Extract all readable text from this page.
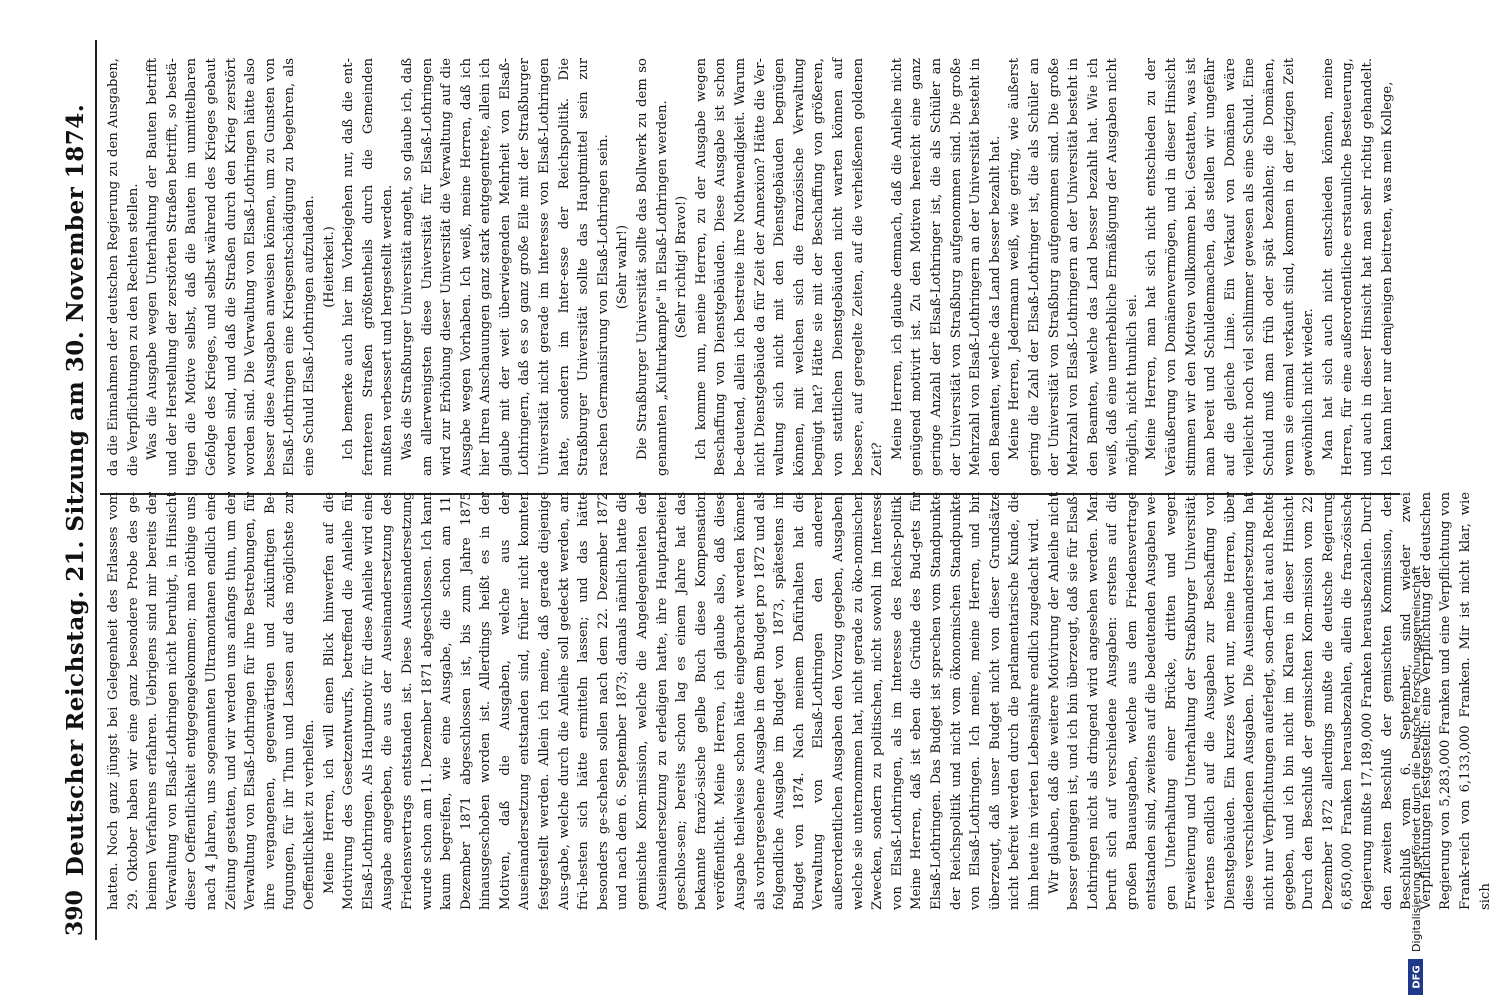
390
Deutscher Reichstag. 21. Sitzung am 30. November 1874. hatten. Noch ganz jüngst bei Gelegenheit des Erlasses vom 29. Oktober haben wir eine ganz besondere Probe des ge-heimen Verfahrens erfahren. Uebrigens sind mir bereits der Verwaltung von Elsaß-Lothringen nicht beruhigt, in Hinsicht dieser Oeffentlichkeit entgegengekommen; man nöthige uns, nach 4 Jahren, uns sogenannten Ultramontanen endlich eine Zeitung gestatten, und wir werden uns anfangs thun, um der Verwaltung von Elsaß-Lothringen für ihre Bestrebungen, für ihre vergangenen, gegenwärtigen und zukünftigen Be-fugungen, für ihr Thun und Lassen auf das möglichste zur Oeffentlichkeit zu verhelfen. Meine Herren, ich will einen Blick hinwerfen auf die Motivirung des Gesetzentwurfs, betreffend die Anleihe für Elsaß-Lothringen. Als Hauptmotiv für diese Anleihe wird eine Ausgabe angegeben, die aus der Auseinandersetzung des Friedensvertrags entstanden ist. Diese Auseinandersetzung wurde schon am 11. Dezember 1871 abgeschlossen. Ich kann kaum begreifen, wie eine Ausgabe, die schon am 11. Dezember 1871 abgeschlossen ist, bis zum Jahre 1875 hinausgeschoben worden ist. Allerdings heißt es in der Motiven, daß die Ausgaben, welche aus der Auseinandersetzung entstanden sind, früher nicht konnten festgestellt werden. Allein ich meine, daß gerade diejenige Aus-gabe, welche durch die Anleihe soll gedeckt werden, am frü-hesten sich hätte ermitteln lassen; und das hätte besonders ge-schehen sollen nach dem 22. Dezember 1872 und nach dem 6. September 1873; damals nämlich hatte die gemischte Kom-mission, welche die Angelegenheiten der Auseinandersetzung zu erledigen hatte, ihre Hauptarbeiten geschlos-sen; bereits schon lag es einem Jahre hat das bekannte franzö-sische gelbe Buch diese Kompensation veröffentlicht. Meine Herren, ich glaube also, daß diese Ausgabe theilweise schon hätte eingebracht werden können als vorhergesehene Ausgabe in dem Budget pro 1872 und als folgendliche Ausgabe im Budget von 1873, spätestens im Budget von 1874. Nach meinem Dafürhalten hat die Verwaltung von Elsaß-Lothringen den anderen außerordentlichen Ausgaben den Vorzug gegeben, Ausgaben, welche sie unternommen hat, nicht gerade zu öko-nomischen Zwecken, sondern zu politischen, nicht sowohl im Interesse von Elsaß-Lothringen, als im Interesse des Reichs-politik. Meine Herren, daß ist eben die Gründe des Bud-gets für Elsaß-Lothringen. Das Budget ist sprechen vom Standpunkte der Reichspolitik und nicht vom ökonomischen Standpunkte von Elsaß-Lothringen. Ich meine, meine Herren, und bin überzeugt, daß unser Budget nicht von dieser Grundsätze nicht befreit werden durch die parlamentarische Kunde, die ihm heute im vierten Lebensjahre endlich zugedacht wird. Wir glauben, daß die weitere Motivirung der Anleihe nicht besser gelungen ist, und ich bin überzeugt, daß sie für Elsaß-Lothringen nicht als dringend wird angesehen werden. Man beruft sich auf verschiedene Ausgaben: erstens auf die großen Bauausgaben, welche aus dem Friedensvertrage entstanden sind, zweitens auf die bedeutenden Ausgaben we-gen Unterhaltung einer Brücke, dritten und wegen Erweiterung und Unterhaltung der Straßburger Universität, viertens endlich auf die Ausgaben zur Beschaffung von Dienstgebäuden. Ein kurzes Wort nur, meine Herren, über diese verschiedenen Ausgaben. Die Auseinandersetzung hat nicht nur Verpflichtungen auferlegt, son-dern hat auch Rechte gegeben, und ich bin nicht im Klaren in dieser Hinsicht. Durch den Beschluß der gemischten Kom-mission vom 22. Dezember 1872 allerdings mußte die deutsche Regierung 6,850,000 Franken herausbezahlen, allein die fran-zösische Regierung mußte 17,189,000 Franken herausbezahlen. Durch den zweiten Beschluß der gemischten Kommission, den Beschluß vom 6. September, sind wieder zwei Verpflichtungen festgestellt: eine Verpflichtung der deutschen Regierung von 5,283,000 Franken und eine Verpflichtung von Frank-reich von 6,133,000 Franken. Mir ist nicht klar, wie sich

da die Einnahmen der deutschen Regierung zu den Ausgaben, die Verpflichtungen zu den Rechten stellen. Was die Ausgabe wegen Unterhaltung der Bauten betrifft und der Herstellung der zerstörten Straßen betrifft, so bestä-tigen die Motive selbst, daß die Bauten im unmittelbaren Gefolge des Krieges, und selbst während des Krieges gebaut worden sind, und daß die Straßen durch den Krieg zerstört worden sind. Die Verwaltung von Elsaß-Lothringen hätte also besser diese Ausgaben anweisen können, um zu Gunsten von Elsaß-Lothringen eine Kriegsentschädigung zu begehren, als eine Schuld Elsaß-Lothringen aufzuladen. (Heiterkeit.) Ich bemerke auch hier im Vorbeigehen nur, daß die ent-fernteren Straßen größtentheils durch die Gemeinden mußten verbessert und hergestellt werden. Was die Straßburger Universität angeht, so glaube ich, daß am allerwenigsten diese Universität für Elsaß-Lothringen wird zur Erhöhung dieser Universität die Verwaltung auf die Ausgabe wegen Vorhaben. Ich weiß, meine Herren, daß ich hier Ihren Anschauungen ganz stark entgegentrete, allein ich glaube mit der weit überwiegenden Mehrheit von Elsaß-Lothringern, daß es so ganz große Eile mit der Straßburger Universität nicht gerade im Interesse von Elsaß-Lothringen hatte, sondern im Inter-esse der Reichspolitik. Die Straßburger Universität sollte das Hauptmittel sein zur raschen Germanisirung von Elsaß-Lothringen sein. (Sehr wahr!) Die Straßburger Universität sollte das Bollwerk zu dem so genannten „Kulturkampfe" in Elsaß-Lothringen werden. (Sehr richtig! Bravo!) Ich komme nun, meine Herren, zu der Ausgabe wegen Beschaffung von Dienstgebäuden. Diese Ausgabe ist schon be-deutend, allein ich bestreite ihre Nothwendigkeit. Warum nicht Dienstgebäude da für Zeit der Annexion? Hätte die Ver-waltung sich nicht mit den Dienstgebäuden begnügen können, mit welchen sich die französische Verwaltung begnügt hat? Hätte sie mit der Beschaffung von größeren, von stattlichen Dienstgebäuden nicht warten können auf bessere, auf geregelte Zeiten, auf die verheißenen goldenen Zeit? Meine Herren, ich glaube demnach, daß die Anleihe nicht genügend motivirt ist. Zu den Motiven hereicht eine ganz geringe Anzahl der Elsaß-Lothringer ist, die als Schüler an der Universität von Straßburg aufgenommen sind. Die große Mehrzahl von Elsaß-Lothringern an der Universität besteht in den Beamten, welche das Land besser bezahlt hat. Meine Herren, Jedermann weiß, wie gering, wie äußerst gering die Zahl der Elsaß-Lothringer ist, die als Schüler an der Universität von Straßburg aufgenommen sind. Die große Mehrzahl von Elsaß-Lothringern an der Universität besteht in den Beamten, welche das Land besser bezahlt hat. Wie ich weiß, daß eine unerhebliche Ermäßigung der Ausgaben nicht möglich, nicht thunlich sei. Meine Herren, man hat sich nicht entschieden zu der Veräußerung von Domänenvermögen, und in dieser Hinsicht stimmen wir den Motiven vollkommen bei. Gestatten, was ist man bereit und Schuldenmachen, das stellen wir ungefähr auf die gleiche Linie. Ein Verkauf von Domänen wäre vielleicht noch viel schlimmer gewesen als eine Schuld. Eine Schuld muß man früh oder spät bezahlen; die Domänen, wenn sie einmal verkauft sind, kommen in der jetzigen Zeit gewöhnlich nicht wieder. Man hat sich auch nicht entschieden können, meine Herren, für eine außerordentliche erstaunliche Besteuerung, und auch in dieser Hinsicht hat man sehr richtig gehandelt. Ich kann hier nur demjenigen beitreten, was mein Kollege,

DFG
Digitalisierung gefördert durch die Deutsche Forschungsgemeinschaft
